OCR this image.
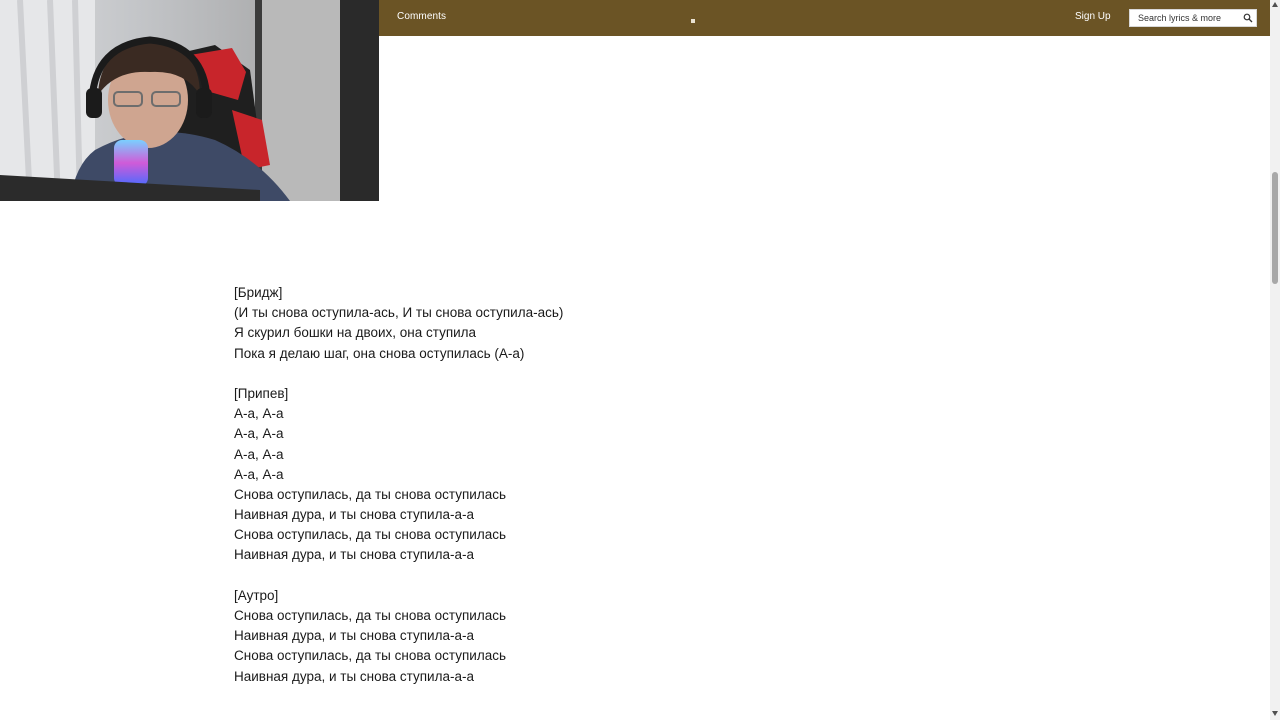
Comments	Sign Up
Search lyrics & more
[Бридж]
(И ты снова оступила-ась, И ты снова оступила-ась)
Я скурил бошки на двоих, она ступила
Пока я делаю шаг, она снова оступилась (А-а)
[Припев]
А-а, А-а
А-а, А-а
А-а, А-а
А-а, А-а
Снова оступилась, да ты снова оступилась
Наивная дура, и ты снова ступила-а-а
Снова оступилась, да ты снова оступилась
Наивная дура, и ты снова ступила-а-а
[Аутро]
Снова оступилась, да ты снова оступилась
Наивная дура, и ты снова ступила-а-а
Снова оступилась, да ты снова оступилась
Наивная дура, и ты снова ступила-а-а
